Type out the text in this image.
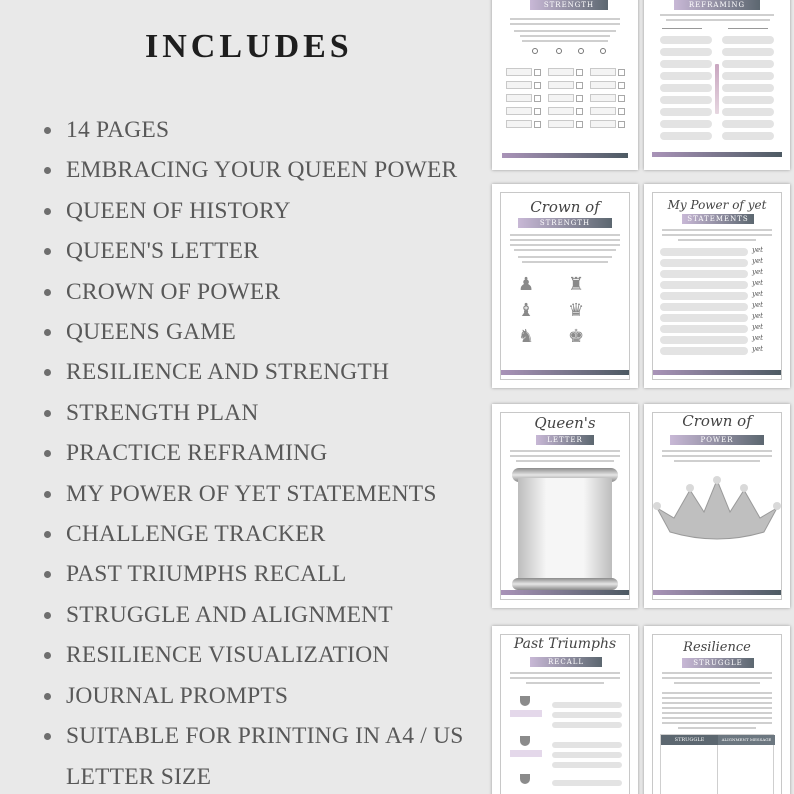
INCLUDES
14 PAGES
EMBRACING YOUR QUEEN POWER
QUEEN OF HISTORY
QUEEN'S LETTER
CROWN OF POWER
QUEENS GAME
RESILIENCE AND STRENGTH
STRENGTH PLAN
PRACTICE REFRAMING
MY POWER OF YET STATEMENTS
CHALLENGE TRACKER
PAST TRIUMPHS RECALL
STRUGGLE AND ALIGNMENT
RESILIENCE VISUALIZATION
JOURNAL PROMPTS
SUITABLE FOR PRINTING IN A4 / US
LETTER SIZE
STRENGTH	REFRAMING
Crown of
STRENGTH
♟ ♜
♝ ♛
♞ ♚
My Power of yet
STATEMENTS
yet
yet
yet
yet
yet
yet
yet
yet
yet
yet
Queen's
LETTER
Crown of
POWER
Past Triumphs
RECALL
Resilience
STRUGGLE
STRUGGLE	ALIGNMENT MESSAGE
